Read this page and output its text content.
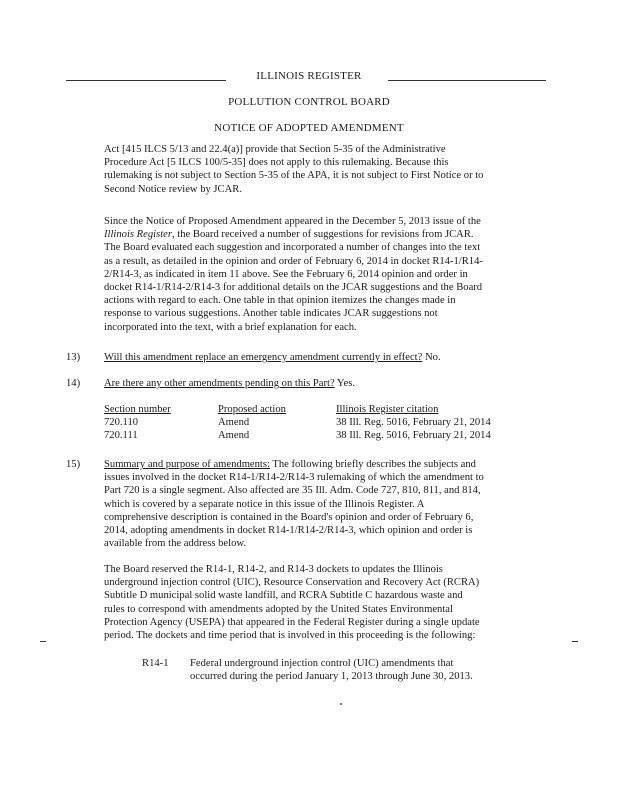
ILLINOIS REGISTER
POLLUTION CONTROL BOARD
NOTICE OF ADOPTED AMENDMENT
Act [415 ILCS 5/13 and 22.4(a)] provide that Section 5-35 of the Administrative
Procedure Act [5 ILCS 100/5-35] does not apply to this rulemaking. Because this
rulemaking is not subject to Section 5-35 of the APA, it is not subject to First Notice or to
Second Notice review by JCAR.
Since the Notice of Proposed Amendment appeared in the December 5, 2013 issue of the
Illinois Register, the Board received a number of suggestions for revisions from JCAR.
The Board evaluated each suggestion and incorporated a number of changes into the text
as a result, as detailed in the opinion and order of February 6, 2014 in docket R14-1/R14-
2/R14-3, as indicated in item 11 above. See the February 6, 2014 opinion and order in
docket R14-1/R14-2/R14-3 for additional details on the JCAR suggestions and the Board
actions with regard to each. One table in that opinion itemizes the changes made in
response to various suggestions. Another table indicates JCAR suggestions not
incorporated into the text, with a brief explanation for each.
13) Will this amendment replace an emergency amendment currently in effect? No.
14) Are there any other amendments pending on this Part? Yes.
Section number	Proposed action	Illinois Register citation
720.110	Amend	38 Ill. Reg. 5016, February 21, 2014
720.111	Amend	38 Ill. Reg. 5016, February 21, 2014
15) Summary and purpose of amendments: The following briefly describes the subjects and
issues involved in the docket R14-1/R14-2/R14-3 rulemaking of which the amendment to
Part 720 is a single segment. Also affected are 35 Ill. Adm. Code 727, 810, 811, and 814,
which is covered by a separate notice in this issue of the Illinois Register. A
comprehensive description is contained in the Board's opinion and order of February 6,
2014, adopting amendments in docket R14-1/R14-2/R14-3, which opinion and order is
available from the address below.
The Board reserved the R14-1, R14-2, and R14-3 dockets to updates the Illinois
underground injection control (UIC), Resource Conservation and Recovery Act (RCRA)
Subtitle D municipal solid waste landfill, and RCRA Subtitle C hazardous waste and
rules to correspond with amendments adopted by the United States Environmental
Protection Agency (USEPA) that appeared in the Federal Register during a single update
period. The dockets and time period that is involved in this proceeding is the following:
R14-1 Federal underground injection control (UIC) amendments that
occurred during the period January 1, 2013 through June 30, 2013.
